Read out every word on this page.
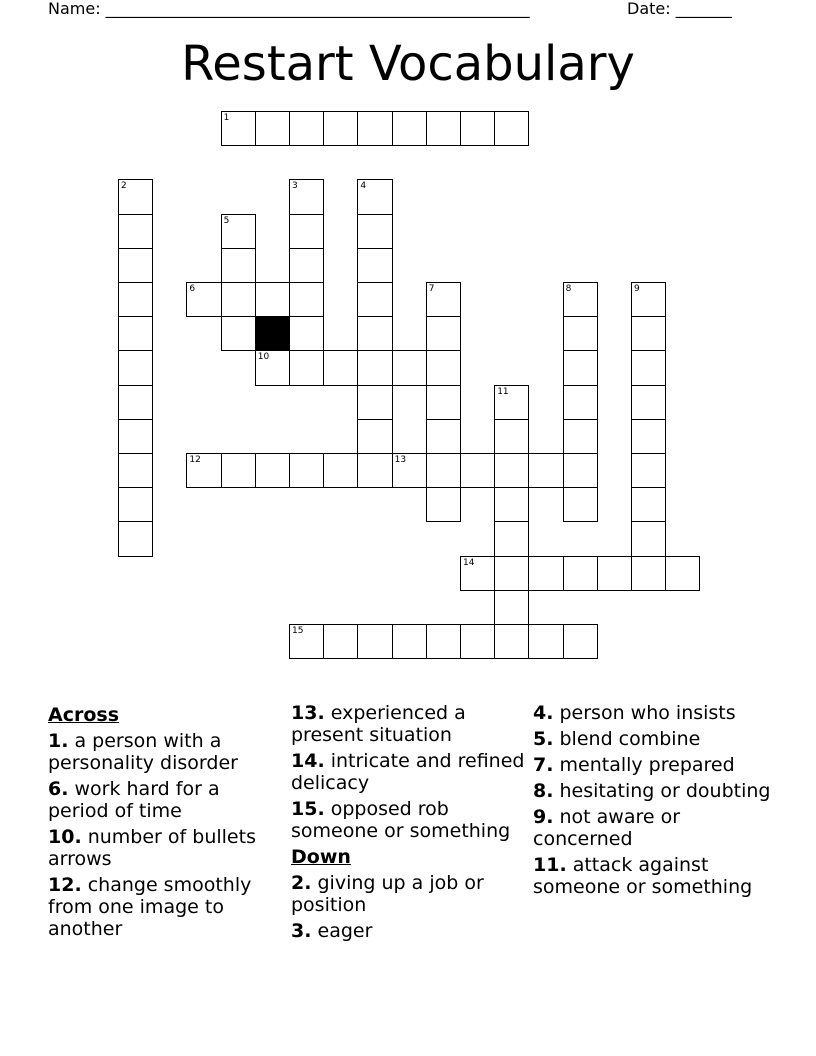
Name: _____________________________________________________	Date: _______
Restart Vocabulary
1
2	3	4
5
6	7	8	9
10
11
12	13
14
15
Across
1. a person with a personality disorder
6. work hard for a period of time
10. number of bullets arrows
12. change smoothly from one image to another
13. experienced a present situation
14. intricate and refined delicacy
15. opposed rob someone or something
Down
2. giving up a job or position
3. eager
4. person who insists
5. blend combine
7. mentally prepared
8. hesitating or doubting
9. not aware or concerned
11. attack against someone or something
